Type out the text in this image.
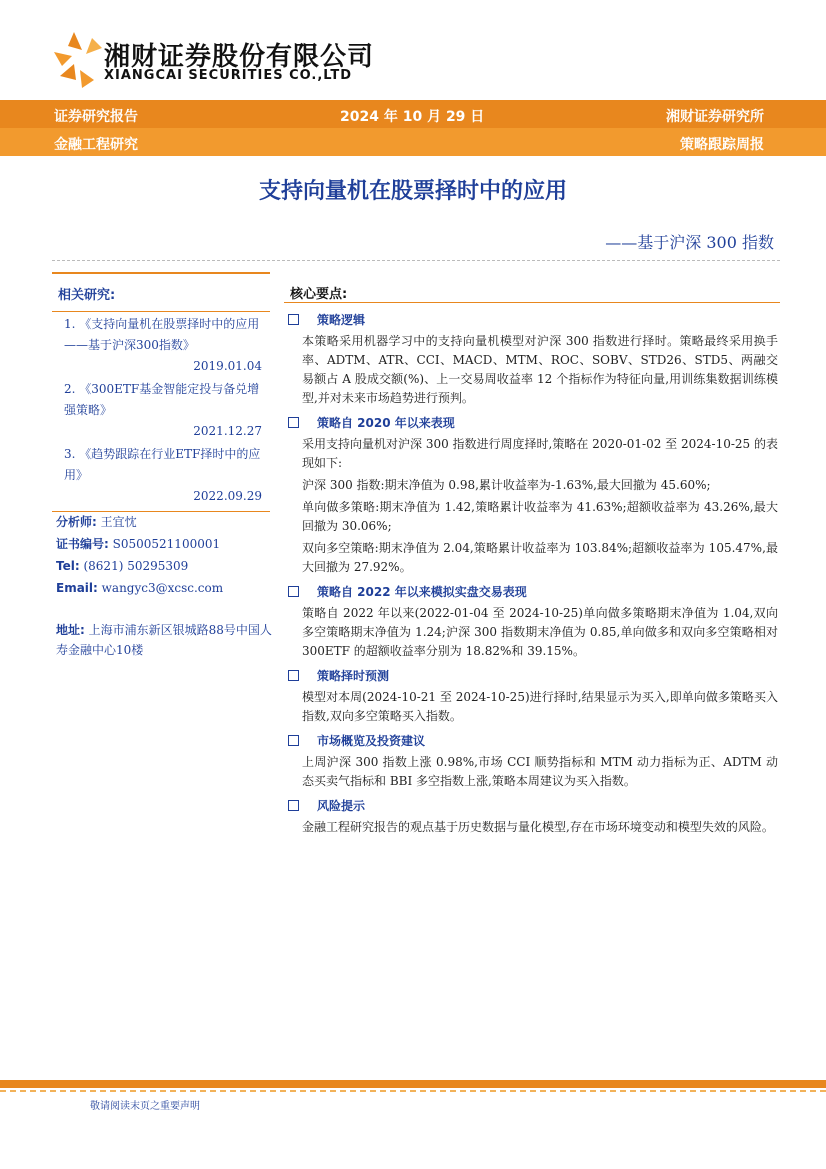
湘财证券股份有限公司
XIANGCAI SECURITIES CO.,LTD
证券研究报告	2024 年 10 月 29 日	湘财证券研究所
金融工程研究	策略跟踪周报
支持向量机在股票择时中的应用
——基于沪深 300 指数
相关研究:
1. 《支持向量机在股票择时中的应用——基于沪深300指数》
2019.01.04
2. 《300ETF基金智能定投与备兑增强策略》
2021.12.27
3. 《趋势跟踪在行业ETF择时中的应用》
2022.09.29
分析师: 王宜忱
证书编号: S0500521100001
Tel: (8621) 50295309
Email: wangyc3@xcsc.com
地址: 上海市浦东新区银城路88号中国人寿金融中心10楼
核心要点:
策略逻辑

本策略采用机器学习中的支持向量机模型对沪深 300 指数进行择时。策略最终采用换手率、ADTM、ATR、CCI、MACD、MTM、ROC、SOBV、STD26、STD5、两融交易额占 A 股成交额(%)、上一交易周收益率 12 个指标作为特征向量,用训练集数据训练模型,并对未来市场趋势进行预判。

策略自 2020 年以来表现

采用支持向量机对沪深 300 指数进行周度择时,策略在 2020-01-02 至 2024-10-25 的表现如下:

沪深 300 指数:期末净值为 0.98,累计收益率为-1.63%,最大回撤为 45.60%;

单向做多策略:期末净值为 1.42,策略累计收益率为 41.63%;超额收益率为 43.26%,最大回撤为 30.06%;

双向多空策略:期末净值为 2.04,策略累计收益率为 103.84%;超额收益率为 105.47%,最大回撤为 27.92%。

策略自 2022 年以来模拟实盘交易表现

策略自 2022 年以来(2022-01-04 至 2024-10-25)单向做多策略期末净值为 1.04,双向多空策略期末净值为 1.24;沪深 300 指数期末净值为 0.85,单向做多和双向多空策略相对 300ETF 的超额收益率分别为 18.82%和 39.15%。

策略择时预测

模型对本周(2024-10-21 至 2024-10-25)进行择时,结果显示为买入,即单向做多策略买入指数,双向多空策略买入指数。

市场概览及投资建议

上周沪深 300 指数上涨 0.98%,市场 CCI 顺势指标和 MTM 动力指标为正、ADTM 动态买卖气指标和 BBI 多空指数上涨,策略本周建议为买入指数。

风险提示

金融工程研究报告的观点基于历史数据与量化模型,存在市场环境变动和模型失效的风险。

敬请阅读末页之重要声明
